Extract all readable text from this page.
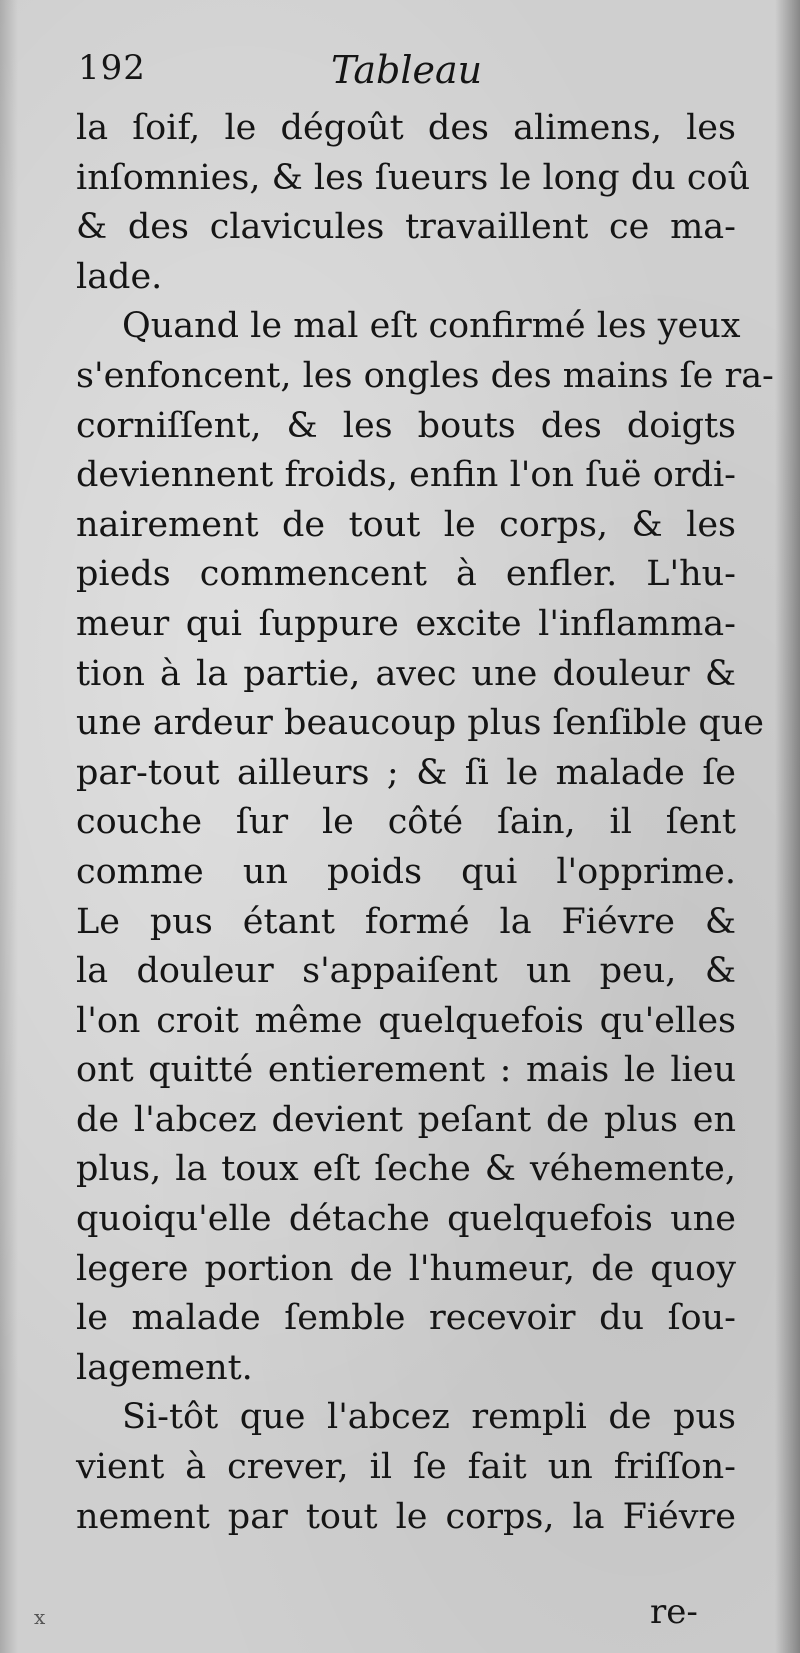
192	Tableau
la ſoif, le dégoût des alimens, les
inſomnies, & les ſueurs le long du coû
& des clavicules travaillent ce ma-
lade.
Quand le mal eſt confirmé les yeux
s'enfoncent, les ongles des mains ſe ra-
corniſſent, & les bouts des doigts
deviennent froids, enfin l'on ſuë ordi-
nairement de tout le corps, & les
pieds commencent à enfler. L'hu-
meur qui ſuppure excite l'inflamma-
tion à la partie, avec une douleur &
une ardeur beaucoup plus ſenſible que
par-tout ailleurs ; & ſi le malade ſe
couche ſur le côté ſain, il ſent
comme un poids qui l'opprime.
Le pus étant formé la Fiévre &
la douleur s'appaiſent un peu, &
l'on croit même quelquefois qu'elles
ont quitté entierement : mais le lieu
de l'abcez devient peſant de plus en
plus, la toux eſt ſeche & véhemente,
quoiqu'elle détache quelquefois une
legere portion de l'humeur, de quoy
le malade ſemble recevoir du ſou-
lagement.
Si-tôt que l'abcez rempli de pus
vient à crever, il ſe fait un friſſon-
nement par tout le corps, la Fiévre
re-
x
